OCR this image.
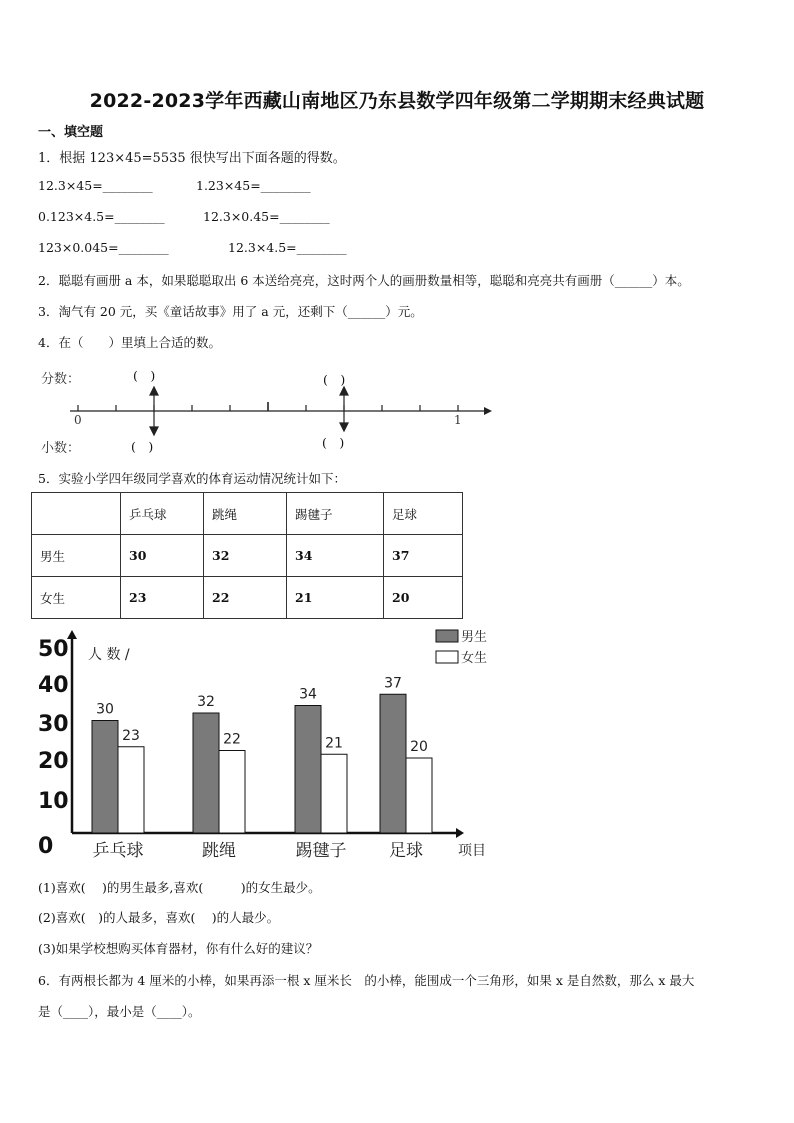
2022-2023学年西藏山南地区乃东县数学四年级第二学期期末经典试题
一、填空题
1．根据 123×45=5535 很快写出下面各题的得数。
12.3×45=________	1.23×45=________
0.123×4.5=________	12.3×0.45=________
123×0.045=________	12.3×4.5=________
2．聪聪有画册 a 本，如果聪聪取出 6 本送给亮亮，这时两个人的画册数量相等，聪聪和亮亮共有画册（______）本。
3．淘气有 20 元，买《童话故事》用了 a 元，还剩下（______）元。
4．在（　　）里填上合适的数。
分数：
小数：
(　)	(　)
(　)	(　)
0	1
5．实验小学四年级同学喜欢的体育运动情况统计如下：
	乒乓球	跳绳	踢毽子	足球
男生	30	32	34	37
女生	23	22	21	20
0
10
20
30
40
50 人 数 /
30
23
乒乓球
32
22
跳绳
34
21
踢毽子
37
20
足球	项目
男生
女生
(1)喜欢(　 )的男生最多,喜欢(　　　)的女生最少。
(2)喜欢(　)的人最多，喜欢(　 )的人最少。
(3)如果学校想购买体育器材，你有什么好的建议？
6．有两根长都为 4 厘米的小棒，如果再添一根 x 厘米长　的小棒，能围成一个三角形，如果 x 是自然数，那么 x 最大
是（____），最小是（____）。
